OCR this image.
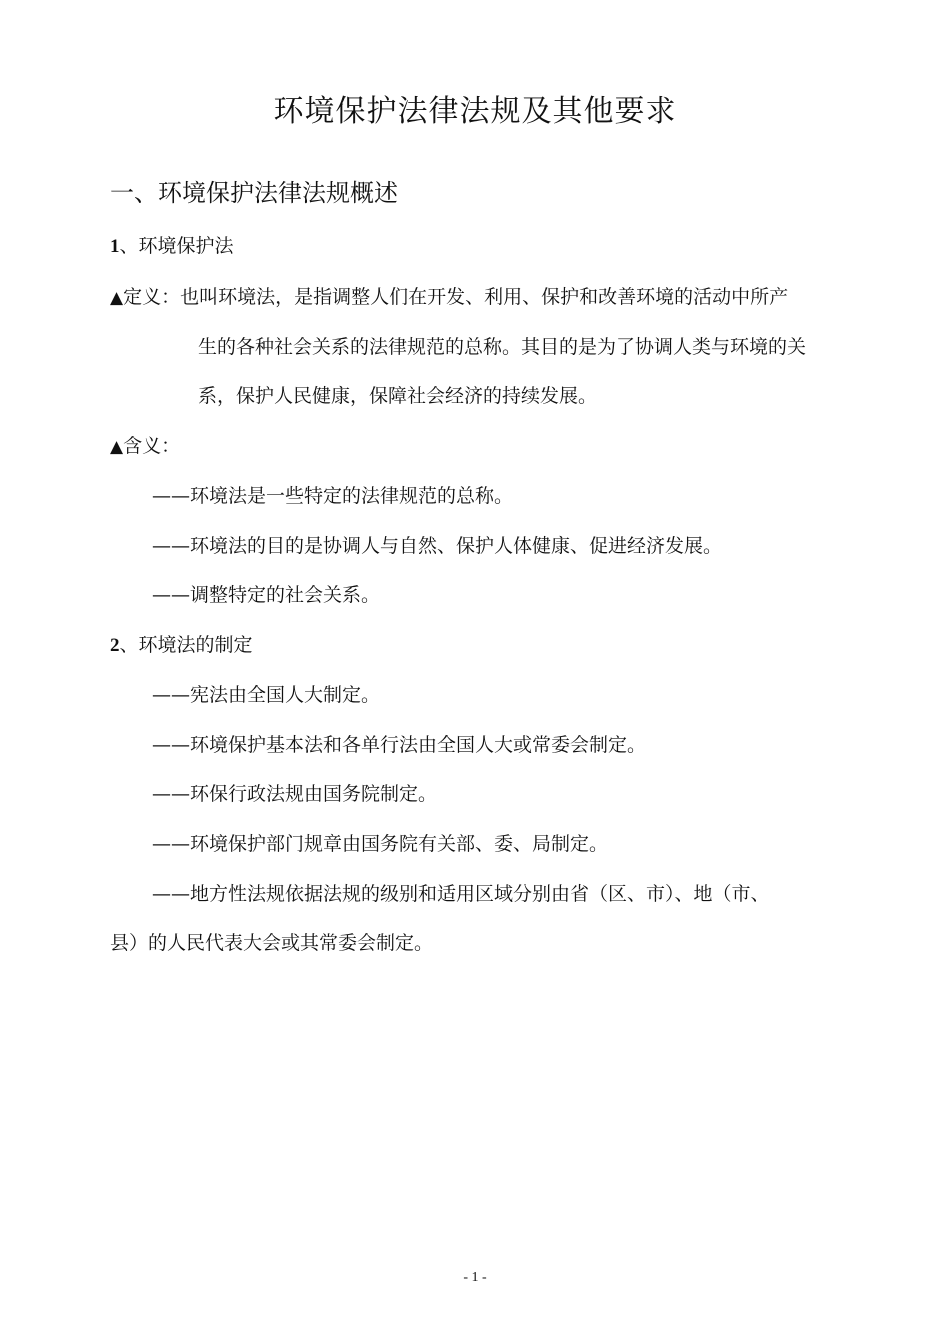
环境保护法律法规及其他要求
一、环境保护法律法规概述
1、环境保护法
▲定义：也叫环境法，是指调整人们在开发、利用、保护和改善环境的活动中所产
生的各种社会关系的法律规范的总称。其目的是为了协调人类与环境的关
系，保护人民健康，保障社会经济的持续发展。
▲含义：
——环境法是一些特定的法律规范的总称。
——环境法的目的是协调人与自然、保护人体健康、促进经济发展。
——调整特定的社会关系。
2、环境法的制定
——宪法由全国人大制定。
——环境保护基本法和各单行法由全国人大或常委会制定。
——环保行政法规由国务院制定。
——环境保护部门规章由国务院有关部、委、局制定。
——地方性法规依据法规的级别和适用区域分别由省（区、市）、地（市、
县）的人民代表大会或其常委会制定。
- 1 -
